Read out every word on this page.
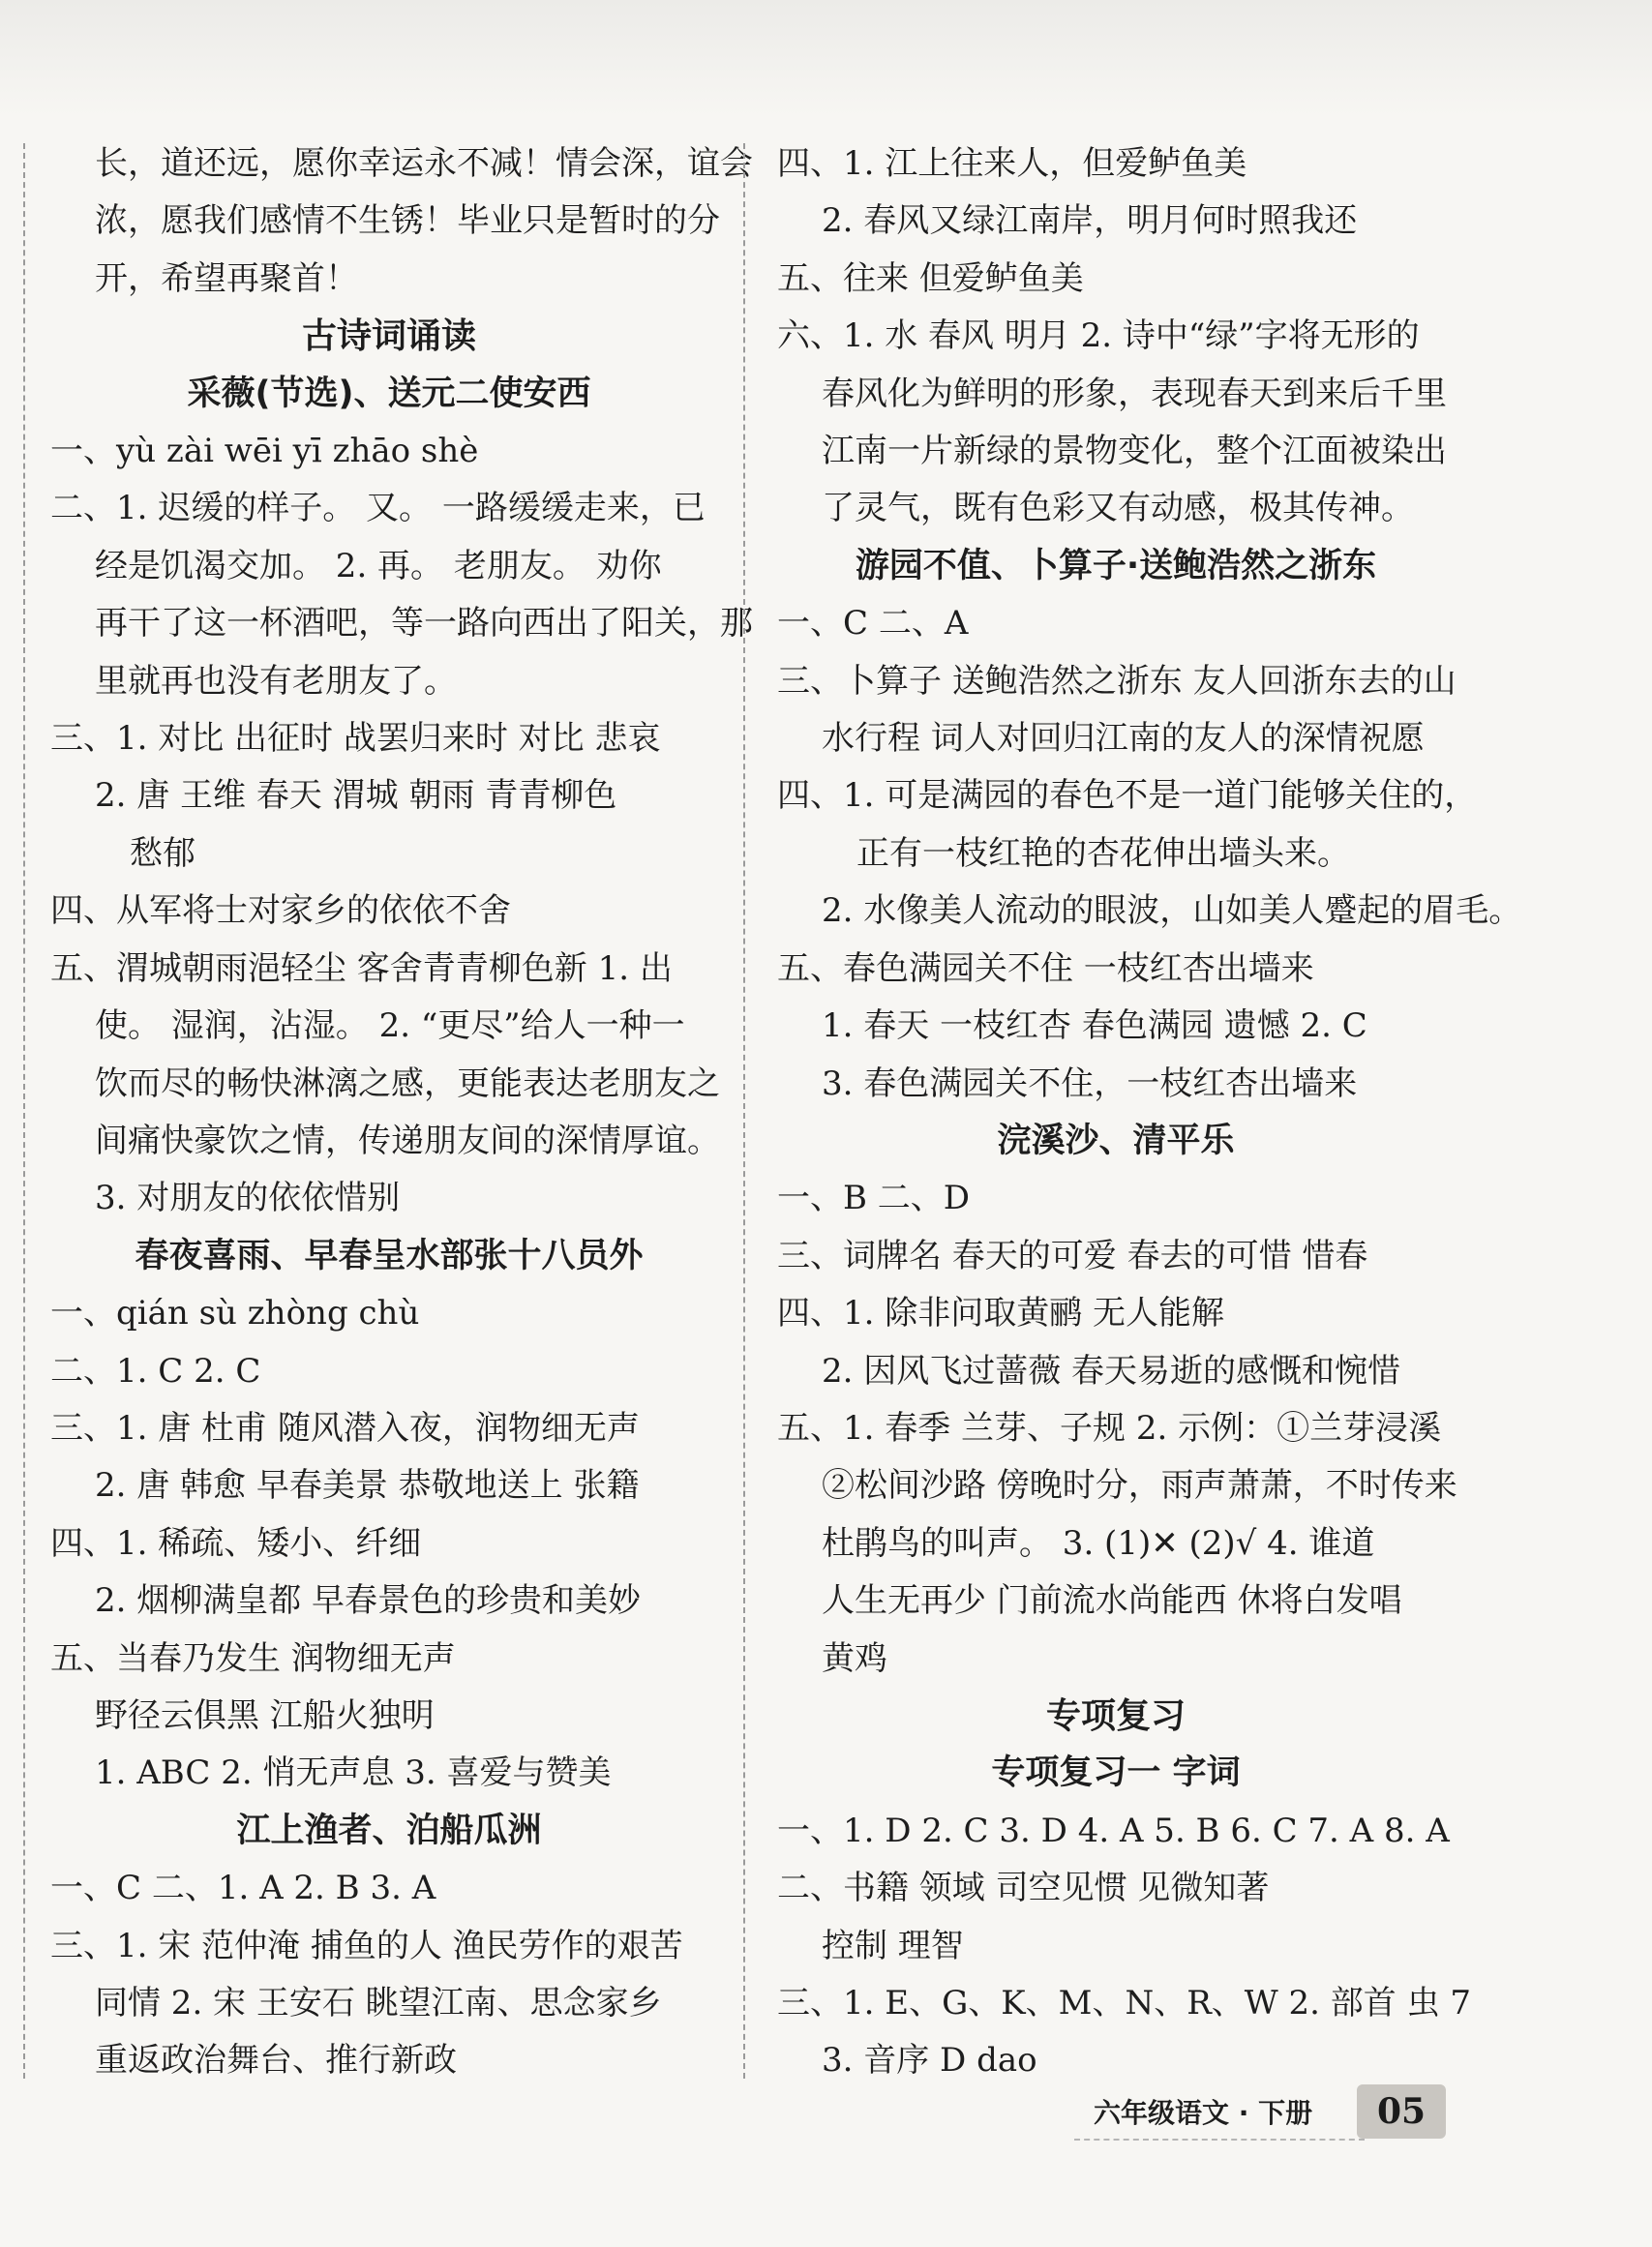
长，道还远，愿你幸运永不减！情会深，谊会
浓，愿我们感情不生锈！毕业只是暂时的分
开，希望再聚首！
古诗词诵读
采薇(节选)、送元二使安西
一、yù zài wēi yī zhāo shè
二、1. 迟缓的样子。 又。 一路缓缓走来，已
经是饥渴交加。 2. 再。 老朋友。 劝你
再干了这一杯酒吧，等一路向西出了阳关，那
里就再也没有老朋友了。
三、1. 对比 出征时 战罢归来时 对比 悲哀
2. 唐 王维 春天 渭城 朝雨 青青柳色
愁郁
四、从军将士对家乡的依依不舍
五、渭城朝雨浥轻尘 客舍青青柳色新 1. 出
使。 湿润，沾湿。 2. “更尽”给人一种一
饮而尽的畅快淋漓之感，更能表达老朋友之
间痛快豪饮之情，传递朋友间的深情厚谊。
3. 对朋友的依依惜别
春夜喜雨、早春呈水部张十八员外
一、qián sù zhòng chù
二、1. C 2. C
三、1. 唐 杜甫 随风潜入夜，润物细无声
2. 唐 韩愈 早春美景 恭敬地送上 张籍
四、1. 稀疏、矮小、纤细
2. 烟柳满皇都 早春景色的珍贵和美妙
五、当春乃发生 润物细无声
野径云俱黑 江船火独明
1. ABC 2. 悄无声息 3. 喜爱与赞美
江上渔者、泊船瓜洲
一、C 二、1. A 2. B 3. A
三、1. 宋 范仲淹 捕鱼的人 渔民劳作的艰苦
同情 2. 宋 王安石 眺望江南、思念家乡
重返政治舞台、推行新政
四、1. 江上往来人，但爱鲈鱼美
2. 春风又绿江南岸，明月何时照我还
五、往来 但爱鲈鱼美
六、1. 水 春风 明月 2. 诗中“绿”字将无形的
春风化为鲜明的形象，表现春天到来后千里
江南一片新绿的景物变化，整个江面被染出
了灵气，既有色彩又有动感，极其传神。
游园不值、卜算子·送鲍浩然之浙东
一、C 二、A
三、卜算子 送鲍浩然之浙东 友人回浙东去的山
水行程 词人对回归江南的友人的深情祝愿
四、1. 可是满园的春色不是一道门能够关住的，
正有一枝红艳的杏花伸出墙头来。
2. 水像美人流动的眼波，山如美人蹙起的眉毛。
五、春色满园关不住 一枝红杏出墙来
1. 春天 一枝红杏 春色满园 遗憾 2. C
3. 春色满园关不住，一枝红杏出墙来
浣溪沙、清平乐
一、B 二、D
三、词牌名 春天的可爱 春去的可惜 惜春
四、1. 除非问取黄鹂 无人能解
2. 因风飞过蔷薇 春天易逝的感慨和惋惜
五、1. 春季 兰芽、子规 2. 示例：①兰芽浸溪
②松间沙路 傍晚时分，雨声萧萧，不时传来
杜鹃鸟的叫声。 3. (1)✕ (2)√ 4. 谁道
人生无再少 门前流水尚能西 休将白发唱
黄鸡
专项复习
专项复习一 字词
一、1. D 2. C 3. D 4. A 5. B 6. C 7. A 8. A
二、书籍 领域 司空见惯 见微知著
控制 理智
三、1. E、G、K、M、N、R、W 2. 部首 虫 7
3. 音序 D dao
六年级语文 · 下册	05
